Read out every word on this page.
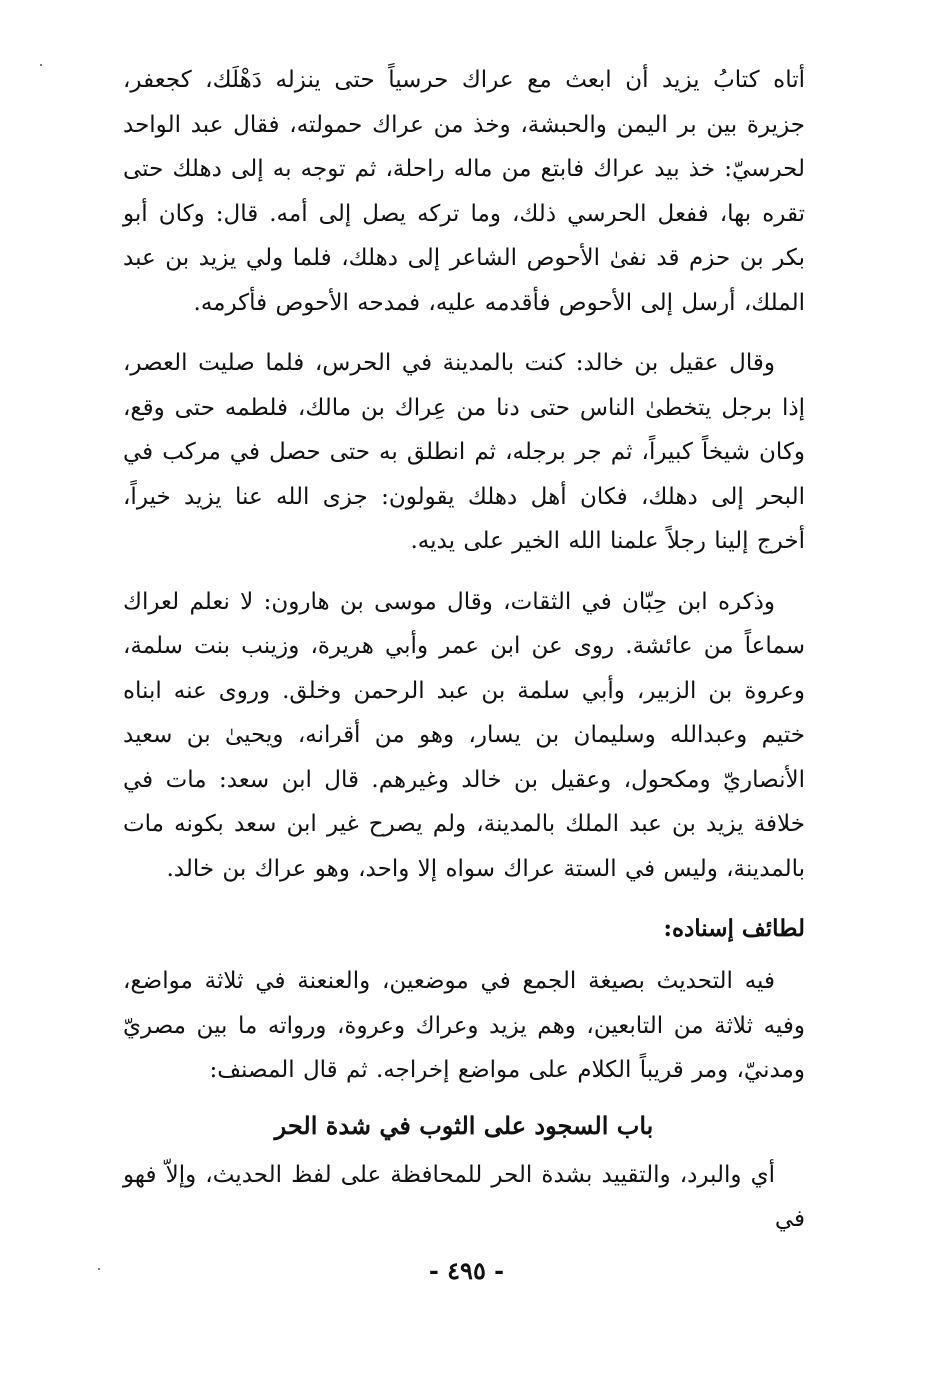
أتاه كتابُ يزيد أن ابعث مع عراك حرسياً حتى ينزله دَهْلَك، كجعفر، جزيرة بين بر اليمن والحبشة، وخذ من عراك حمولته، فقال عبد الواحد لحرسيّ: خذ بيد عراك فابتع من ماله راحلة، ثم توجه به إلى دهلك حتى تقره بها، ففعل الحرسي ذلك، وما تركه يصل إلى أمه. قال: وكان أبو بكر بن حزم قد نفىٰ الأحوص الشاعر إلى دهلك، فلما ولي يزيد بن عبد الملك، أرسل إلى الأحوص فأقدمه عليه، فمدحه الأحوص فأكرمه.

وقال عقيل بن خالد: كنت بالمدينة في الحرس، فلما صليت العصر، إذا برجل يتخطىٰ الناس حتى دنا من عِراك بن مالك، فلطمه حتى وقع، وكان شيخاً كبيراً، ثم جر برجله، ثم انطلق به حتى حصل في مركب في البحر إلى دهلك، فكان أهل دهلك يقولون: جزى الله عنا يزيد خيراً، أخرج إلينا رجلاً علمنا الله الخير على يديه.

وذكره ابن حِبّان في الثقات، وقال موسى بن هارون: لا نعلم لعراك سماعاً من عائشة. روى عن ابن عمر وأبي هريرة، وزينب بنت سلمة، وعروة بن الزبير، وأبي سلمة بن عبد الرحمن وخلق. وروى عنه ابناه ختيم وعبدالله وسليمان بن يسار، وهو من أقرانه، ويحيىٰ بن سعيد الأنصاريّ ومكحول، وعقيل بن خالد وغيرهم. قال ابن سعد: مات في خلافة يزيد بن عبد الملك بالمدينة، ولم يصرح غير ابن سعد بكونه مات بالمدينة، وليس في الستة عراك سواه إلا واحد، وهو عراك بن خالد.

لطائف إسناده:

فيه التحديث بصيغة الجمع في موضعين، والعنعنة في ثلاثة مواضع، وفيه ثلاثة من التابعين، وهم يزيد وعراك وعروة، ورواته ما بين مصريّ ومدنيّ، ومر قريباً الكلام على مواضع إخراجه. ثم قال المصنف:

باب السجود على الثوب في شدة الحر

أي والبرد، والتقييد بشدة الحر للمحافظة على لفظ الحديث، وإلاّ فهو في

- ٤٩٥ -
